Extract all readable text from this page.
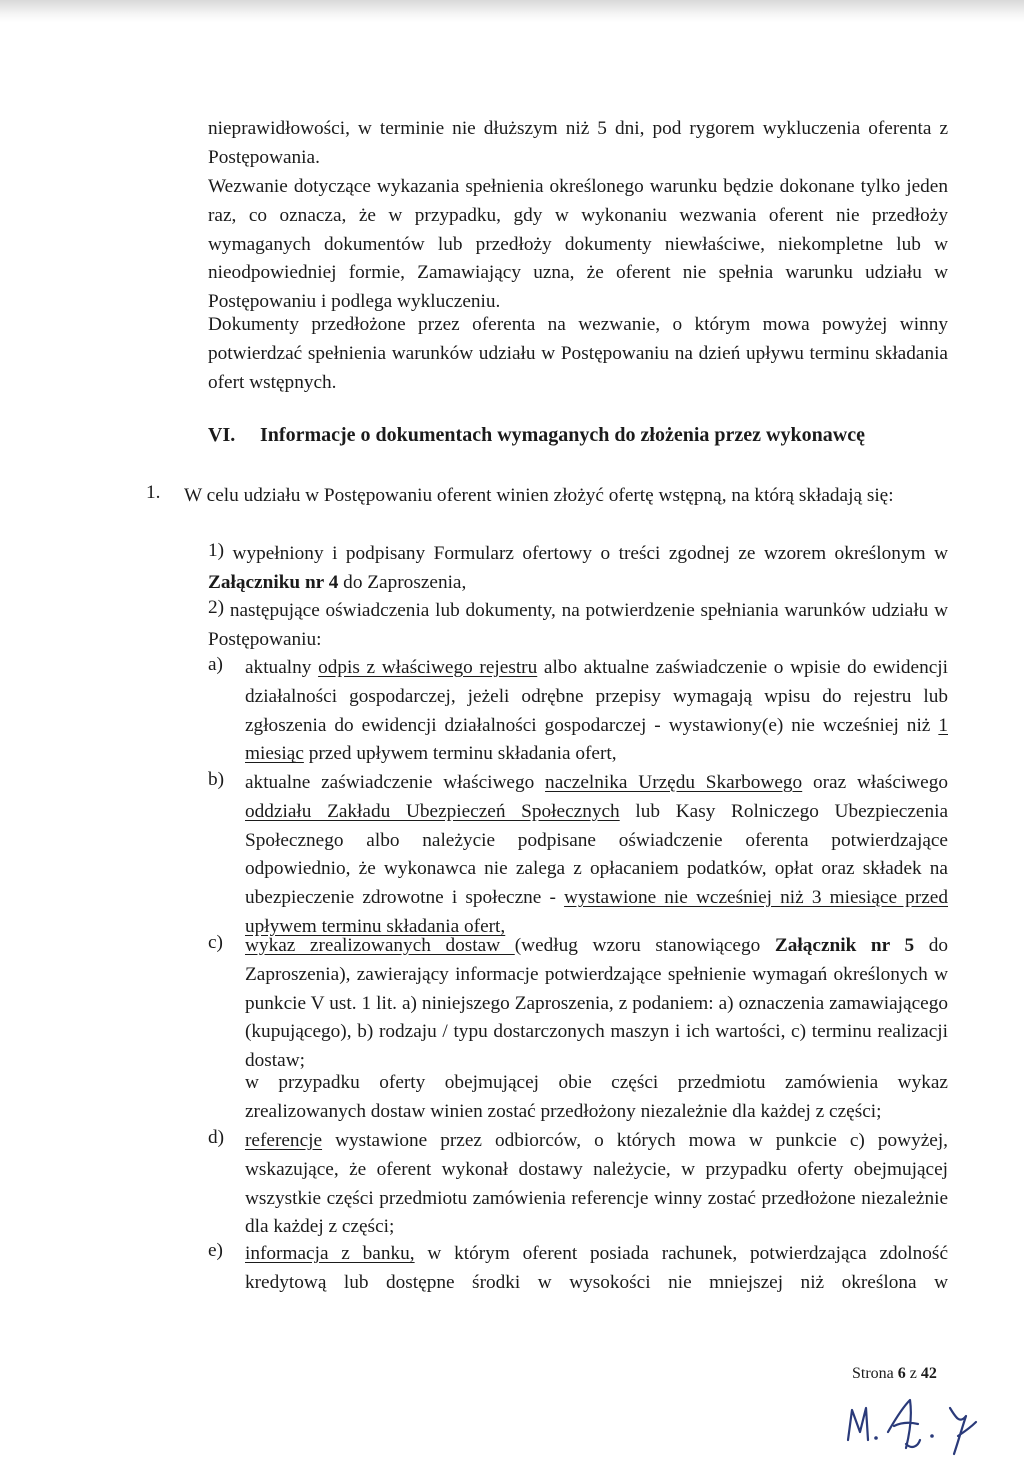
nieprawidłowości, w terminie nie dłuższym niż 5 dni, pod rygorem wykluczenia oferenta z Postępowania.

Wezwanie dotyczące wykazania spełnienia określonego warunku będzie dokonane tylko jeden raz, co oznacza, że w przypadku, gdy w wykonaniu wezwania oferent nie przedłoży wymaganych dokumentów lub przedłoży dokumenty niewłaściwe, niekompletne lub w nieodpowiedniej formie, Zamawiający uzna, że oferent nie spełnia warunku udziału w Postępowaniu i podlega wykluczeniu.

Dokumenty przedłożone przez oferenta na wezwanie, o którym mowa powyżej winny potwierdzać spełnienia warunków udziału w Postępowaniu na dzień upływu terminu składania ofert wstępnych.

VI. Informacje o dokumentach wymaganych do złożenia przez wykonawcę
1. W celu udziału w Postępowaniu oferent winien złożyć ofertę wstępną, na którą składają się:

1) wypełniony i podpisany Formularz ofertowy o treści zgodnej ze wzorem określonym w Załączniku nr 4 do Zaproszenia,

2) następujące oświadczenia lub dokumenty, na potwierdzenie spełniania warunków udziału w Postępowaniu:

a) aktualny odpis z właściwego rejestru albo aktualne zaświadczenie o wpisie do ewidencji działalności gospodarczej, jeżeli odrębne przepisy wymagają wpisu do rejestru lub zgłoszenia do ewidencji działalności gospodarczej - wystawiony(e) nie wcześniej niż 1 miesiąc przed upływem terminu składania ofert,

b) aktualne zaświadczenie właściwego naczelnika Urzędu Skarbowego oraz właściwego oddziału Zakładu Ubezpieczeń Społecznych lub Kasy Rolniczego Ubezpieczenia Społecznego albo należycie podpisane oświadczenie oferenta potwierdzające odpowiednio, że wykonawca nie zalega z opłacaniem podatków, opłat oraz składek na ubezpieczenie zdrowotne i społeczne - wystawione nie wcześniej niż 3 miesiące przed upływem terminu składania ofert,

c) wykaz zrealizowanych dostaw (według wzoru stanowiącego Załącznik nr 5 do Zaproszenia), zawierający informacje potwierdzające spełnienie wymagań określonych w punkcie V ust. 1 lit. a) niniejszego Zaproszenia, z podaniem: a) oznaczenia zamawiającego (kupującego), b) rodzaju / typu dostarczonych maszyn i ich wartości, c) terminu realizacji dostaw;

w przypadku oferty obejmującej obie części przedmiotu zamówienia wykaz zrealizowanych dostaw winien zostać przedłożony niezależnie dla każdej z części;

d) referencje wystawione przez odbiorców, o których mowa w punkcie c) powyżej, wskazujące, że oferent wykonał dostawy należycie, w przypadku oferty obejmującej wszystkie części przedmiotu zamówienia referencje winny zostać przedłożone niezależnie dla każdej z części;

e) informacja z banku, w którym oferent posiada rachunek, potwierdzająca zdolność kredytową lub dostępne środki w wysokości nie mniejszej niż określona w

Strona 6 z 42
